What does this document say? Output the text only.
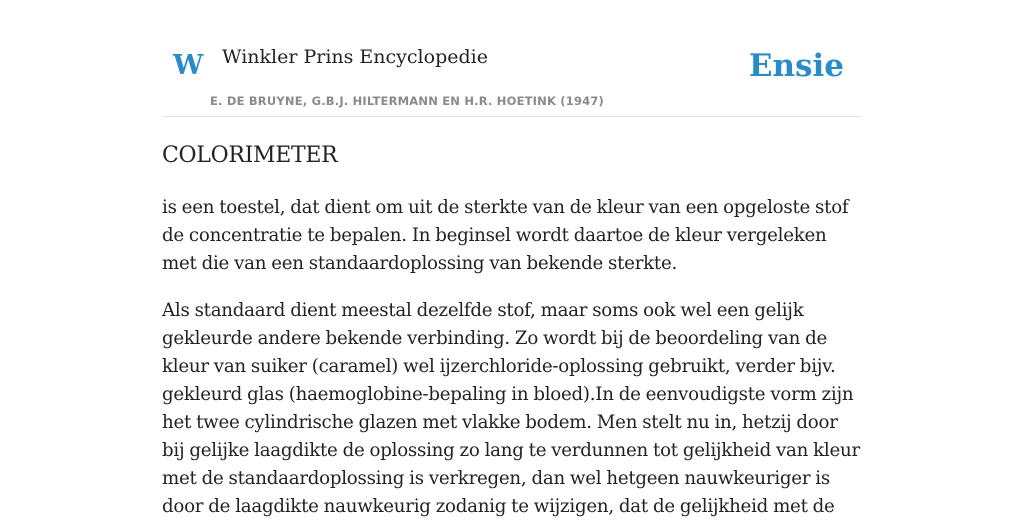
W Winkler Prins Encyclopedie
E. DE BRUYNE, G.B.J. HILTERMANN EN H.R. HOETINK (1947)
Ensie
COLORIMETER

is een toestel, dat dient om uit de sterkte van de kleur van een opgeloste stof de concentratie te bepalen. In beginsel wordt daartoe de kleur vergeleken met die van een standaardoplossing van bekende sterkte.

Als standaard dient meestal dezelfde stof, maar soms ook wel een gelijk gekleurde andere bekende verbinding. Zo wordt bij de beoordeling van de kleur van suiker (caramel) wel ijzerchloride-oplossing gebruikt, verder bijv. gekleurd glas (haemoglobine-bepaling in bloed).In de eenvoudigste vorm zijn het twee cylindrische glazen met vlakke bodem. Men stelt nu in, hetzij door bij gelijke laagdikte de oplossing zo lang te verdunnen tot gelijkheid van kleur met de standaardoplossing is verkregen, dan wel hetgeen nauwkeuriger is door de laagdikte nauwkeurig zodanig te wijzigen, dat de gelijkheid met de
